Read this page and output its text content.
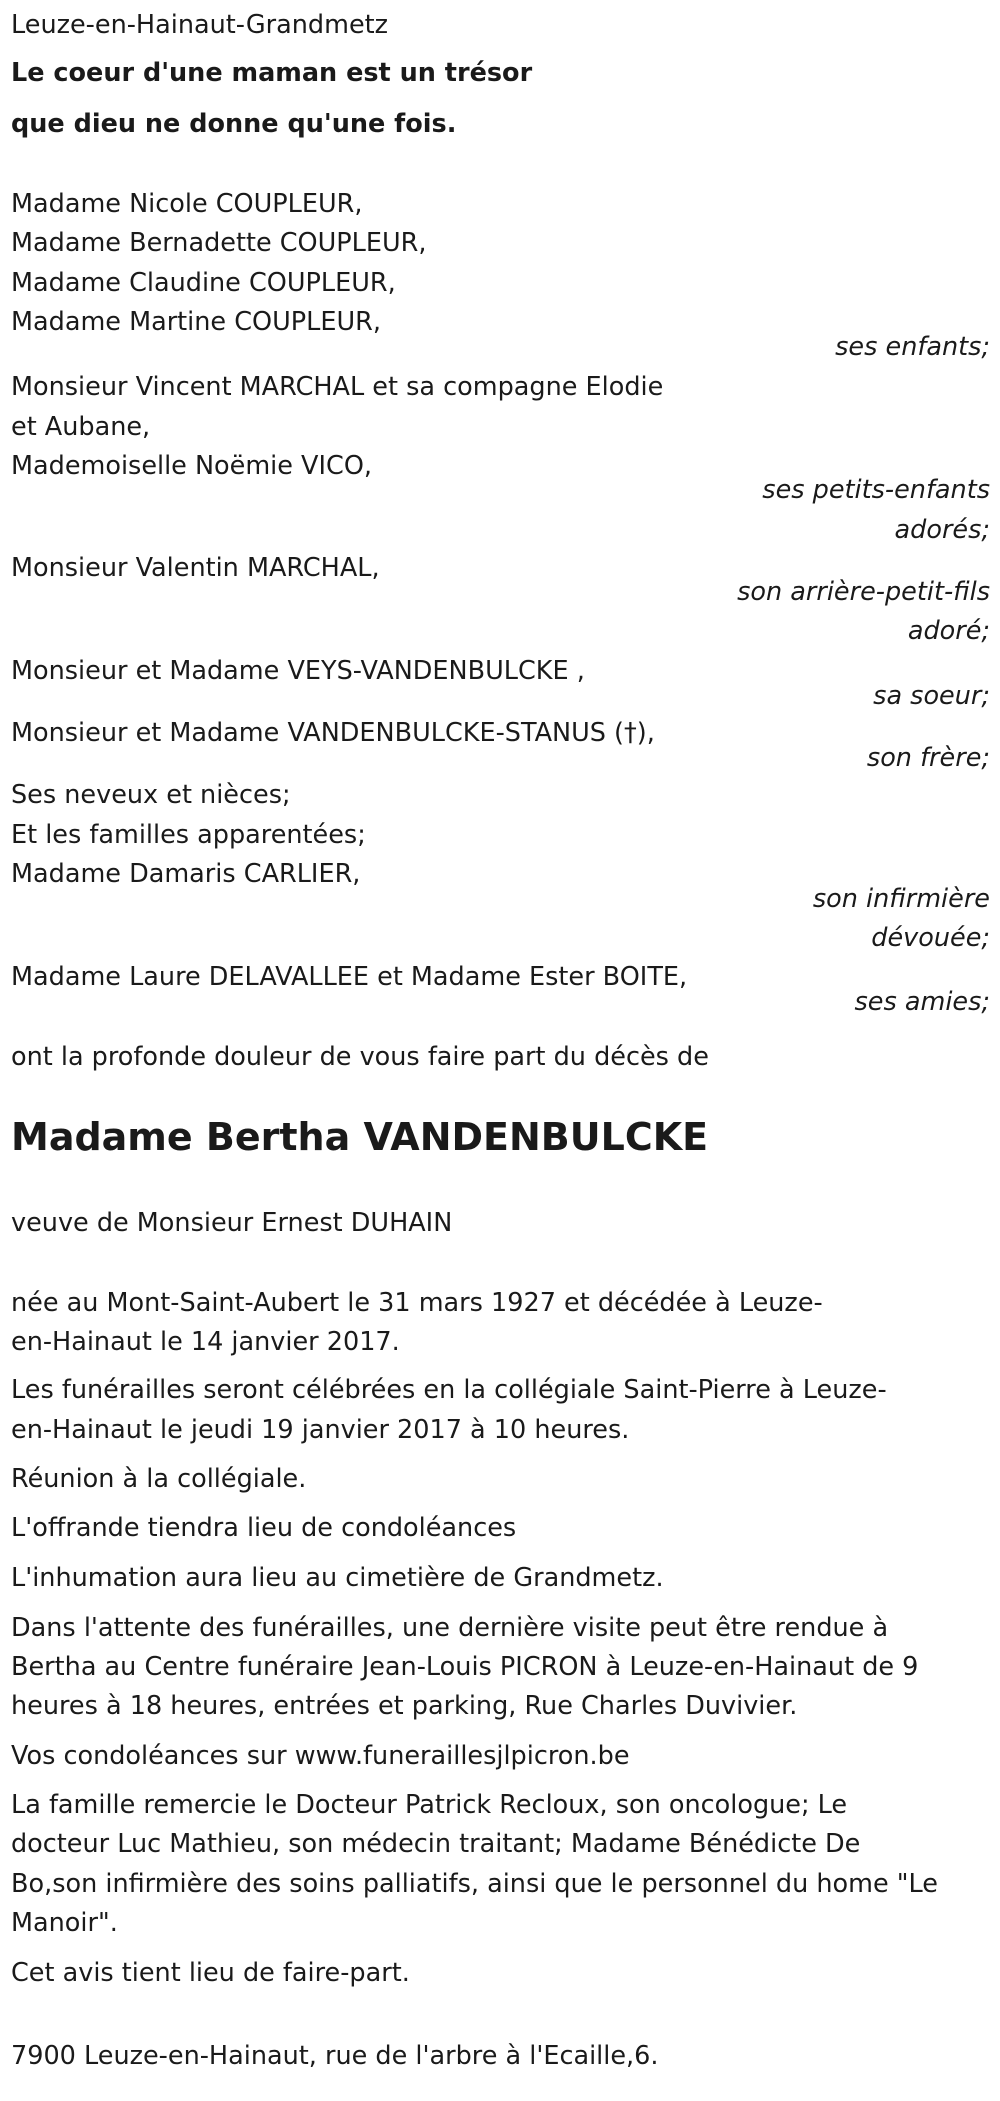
Leuze-en-Hainaut-Grandmetz
Le coeur d'une maman est un trésor
que dieu ne donne qu'une fois.
Madame Nicole COUPLEUR,
Madame Bernadette COUPLEUR,
Madame Claudine COUPLEUR,
Madame Martine COUPLEUR,
ses enfants;
Monsieur Vincent MARCHAL et sa compagne Elodie
et Aubane,
Mademoiselle Noëmie VICO,
ses petits-enfants
adorés;
Monsieur Valentin MARCHAL,
son arrière-petit-fils
adoré;
Monsieur et Madame VEYS-VANDENBULCKE ,
sa soeur;
Monsieur et Madame VANDENBULCKE-STANUS (†),
son frère;
Ses neveux et nièces;
Et les familles apparentées;
Madame Damaris CARLIER,
son infirmière
dévouée;
Madame Laure DELAVALLEE et Madame Ester BOITE,
ses amies;
ont la profonde douleur de vous faire part du décès de
Madame Bertha VANDENBULCKE
veuve de Monsieur Ernest DUHAIN
née au Mont-Saint-Aubert le 31 mars 1927 et décédée à Leuze-
en-Hainaut le 14 janvier 2017.
Les funérailles seront célébrées en la collégiale Saint-Pierre à Leuze-
en-Hainaut le jeudi 19 janvier 2017 à 10 heures.
Réunion à la collégiale.
L'offrande tiendra lieu de condoléances
L'inhumation aura lieu au cimetière de Grandmetz.
Dans l'attente des funérailles, une dernière visite peut être rendue à
Bertha au Centre funéraire Jean-Louis PICRON à Leuze-en-Hainaut de 9
heures à 18 heures, entrées et parking, Rue Charles Duvivier.
Vos condoléances sur www.funeraillesjlpicron.be
La famille remercie le Docteur Patrick Recloux, son oncologue; Le
docteur Luc Mathieu, son médecin traitant; Madame Bénédicte De
Bo,son infirmière des soins palliatifs, ainsi que le personnel du home "Le
Manoir".
Cet avis tient lieu de faire-part.
7900 Leuze-en-Hainaut, rue de l'arbre à l'Ecaille,6.
